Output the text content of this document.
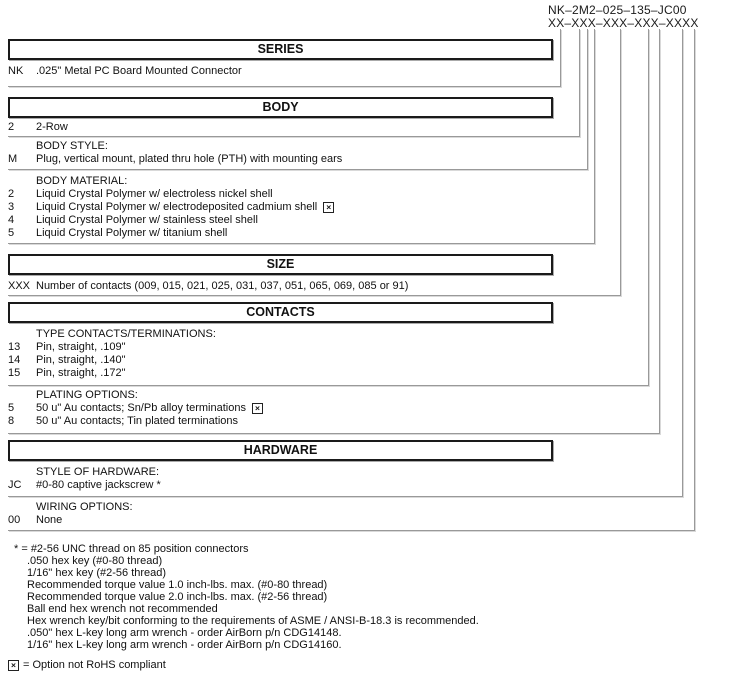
NK–2M2–025–135–JC00
XX–XXX–XXX–XXX–XXXX
SERIES
NK .025" Metal PC Board Mounted Connector
BODY
2 2-Row
BODY STYLE:
M Plug, vertical mount, plated thru hole (PTH) with mounting ears
BODY MATERIAL:
2 Liquid Crystal Polymer w/ electroless nickel shell
3 Liquid Crystal Polymer w/ electrodeposited cadmium shell ×
4 Liquid Crystal Polymer w/ stainless steel shell
5 Liquid Crystal Polymer w/ titanium shell
SIZE
XXX Number of contacts (009, 015, 021, 025, 031, 037, 051, 065, 069, 085 or 91)
CONTACTS
TYPE CONTACTS/TERMINATIONS:
13 Pin, straight, .109"
14 Pin, straight, .140"
15 Pin, straight, .172"
PLATING OPTIONS:
5 50 u" Au contacts; Sn/Pb alloy terminations ×
8 50 u" Au contacts; Tin plated terminations
HARDWARE
STYLE OF HARDWARE:
JC #0-80 captive jackscrew *
WIRING OPTIONS:
00 None
* = #2-56 UNC thread on 85 position connectors
.050 hex key (#0-80 thread)
1/16" hex key (#2-56 thread)
Recommended torque value 1.0 inch-lbs. max. (#0-80 thread)
Recommended torque value 2.0 inch-lbs. max. (#2-56 thread)
Ball end hex wrench not recommended
Hex wrench key/bit conforming to the requirements of ASME / ANSI-B-18.3 is recommended.
.050" hex L-key long arm wrench - order AirBorn p/n CDG14148.
1/16" hex L-key long arm wrench - order AirBorn p/n CDG14160.
× = Option not RoHS compliant
